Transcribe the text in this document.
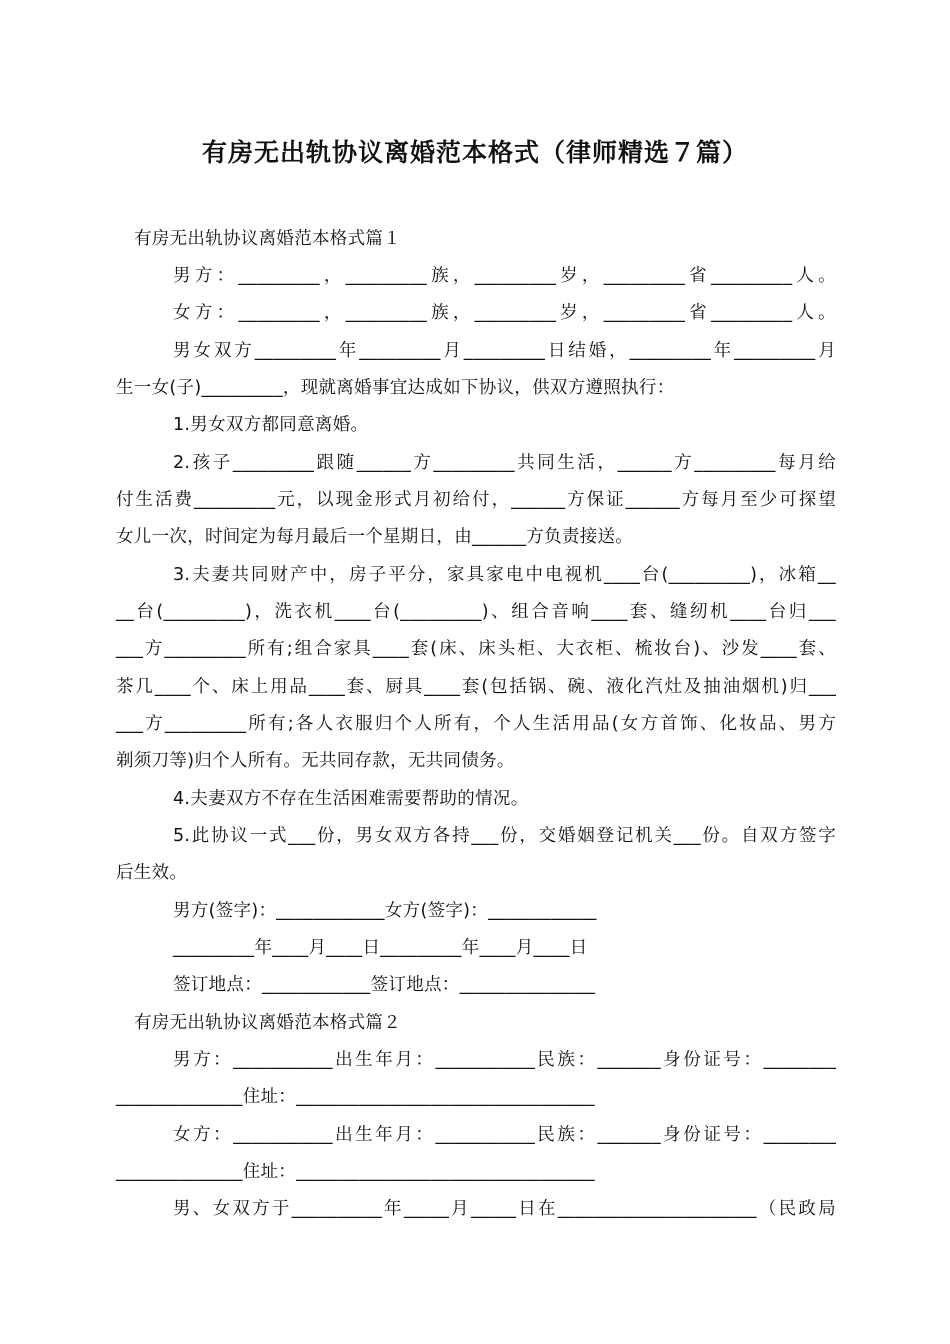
有房无出轨协议离婚范本格式（律师精选７篇）
有房无出轨协议离婚范本格式篇１
男方：_________，_________族，_________岁，_________省_________人。
女方：_________，_________族，_________岁，_________省_________人。
男女双方_________年_________月_________日结婚，_________年_________月
生一女(子)_________，现就离婚事宜达成如下协议，供双方遵照执行：
1.男女双方都同意离婚。
2.孩子_________跟随______方_________共同生活，______方_________每月给
付生活费_________元，以现金形式月初给付，______方保证______方每月至少可探望
女儿一次，时间定为每月最后一个星期日，由______方负责接送。
3.夫妻共同财产中，房子平分，家具家电中电视机____台(_________)，冰箱__
__台(_________)，洗衣机____台(_________)、组合音响____套、缝纫机____台归___
___方_________所有;组合家具____套(床、床头柜、大衣柜、梳妆台)、沙发____套、
茶几____个、床上用品____套、厨具____套(包括锅、碗、液化汽灶及抽油烟机)归___
___方_________所有;各人衣服归个人所有，个人生活用品(女方首饰、化妆品、男方
剃须刀等)归个人所有。无共同存款，无共同债务。
4.夫妻双方不存在生活困难需要帮助的情况。
5.此协议一式___份，男女双方各持___份，交婚姻登记机关___份。自双方签字
后生效。
男方(签字)：____________女方(签字)：____________
_________年____月____日_________年____月____日
签订地点：____________签订地点：_______________
有房无出轨协议离婚范本格式篇２
男方：___________出生年月：___________民族：_______身份证号：________
______________住址：_________________________________
女方：___________出生年月：___________民族：_______身份证号：________
______________住址：_________________________________
男、女双方于__________年_____月_____日在______________________（民政局
